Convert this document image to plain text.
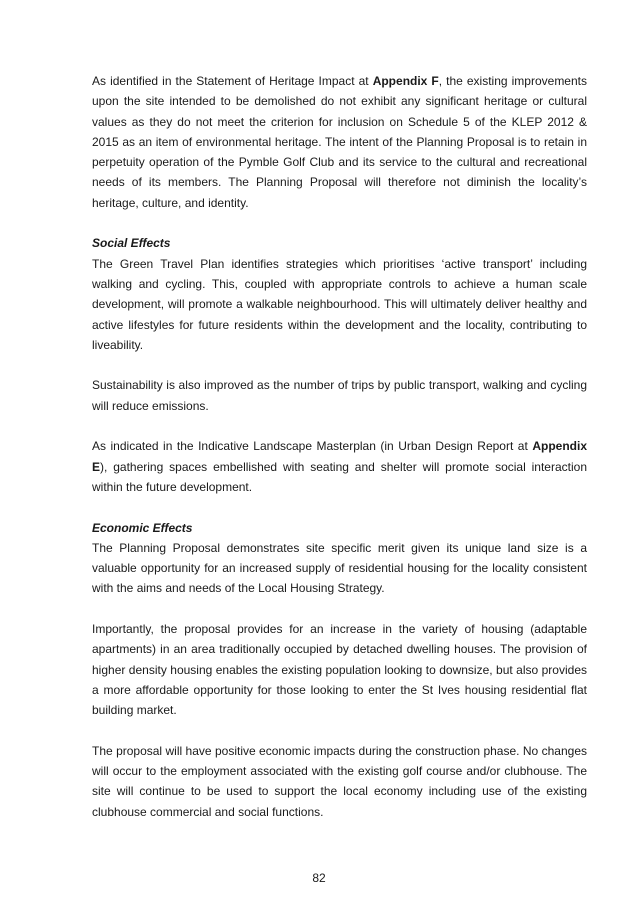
As identified in the Statement of Heritage Impact at Appendix F, the existing improvements upon the site intended to be demolished do not exhibit any significant heritage or cultural values as they do not meet the criterion for inclusion on Schedule 5 of the KLEP 2012 & 2015 as an item of environmental heritage. The intent of the Planning Proposal is to retain in perpetuity operation of the Pymble Golf Club and its service to the cultural and recreational needs of its members. The Planning Proposal will therefore not diminish the locality’s heritage, culture, and identity.

Social Effects

The Green Travel Plan identifies strategies which prioritises ‘active transport’ including walking and cycling. This, coupled with appropriate controls to achieve a human scale development, will promote a walkable neighbourhood. This will ultimately deliver healthy and active lifestyles for future residents within the development and the locality, contributing to liveability.

Sustainability is also improved as the number of trips by public transport, walking and cycling will reduce emissions.

As indicated in the Indicative Landscape Masterplan (in Urban Design Report at Appendix E), gathering spaces embellished with seating and shelter will promote social interaction within the future development.

Economic Effects

The Planning Proposal demonstrates site specific merit given its unique land size is a valuable opportunity for an increased supply of residential housing for the locality consistent with the aims and needs of the Local Housing Strategy.

Importantly, the proposal provides for an increase in the variety of housing (adaptable apartments) in an area traditionally occupied by detached dwelling houses. The provision of higher density housing enables the existing population looking to downsize, but also provides a more affordable opportunity for those looking to enter the St Ives housing residential flat building market.

The proposal will have positive economic impacts during the construction phase. No changes will occur to the employment associated with the existing golf course and/or clubhouse. The site will continue to be used to support the local economy including use of the existing clubhouse commercial and social functions.

82
